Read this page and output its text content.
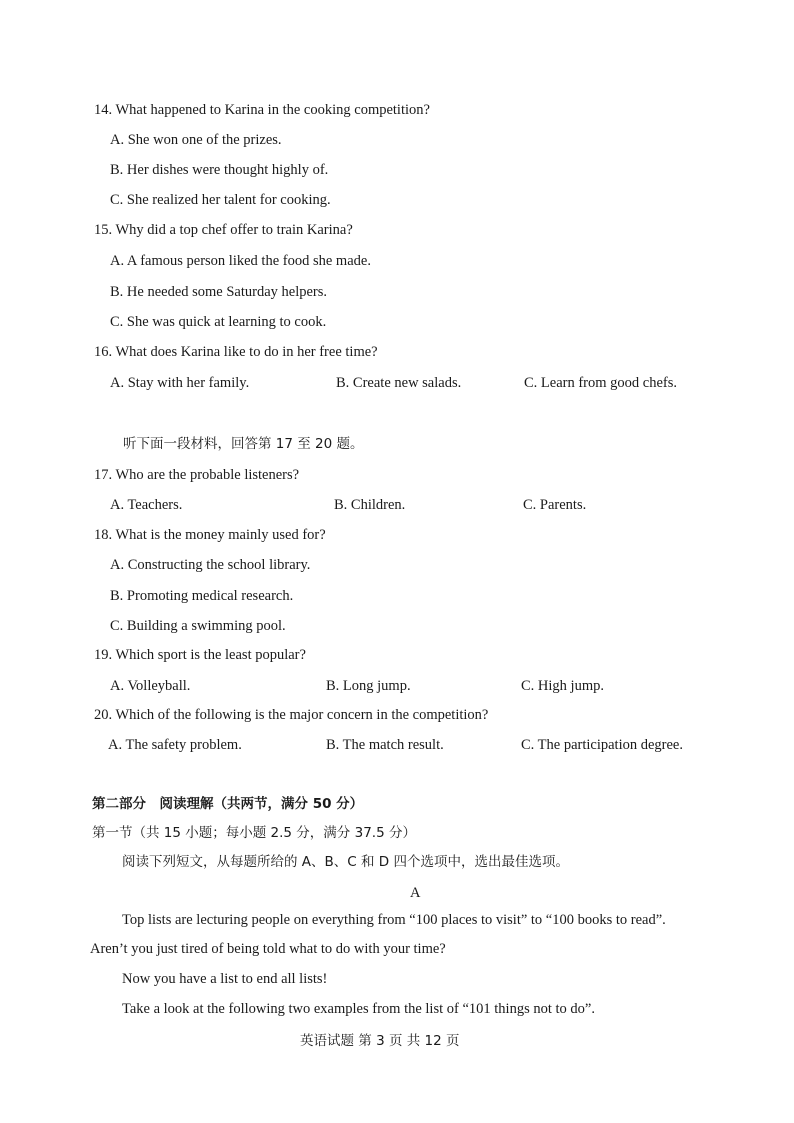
14. What happened to Karina in the cooking competition?
A. She won one of the prizes.
B. Her dishes were thought highly of.
C. She realized her talent for cooking.
15. Why did a top chef offer to train Karina?
A. A famous person liked the food she made.
B. He needed some Saturday helpers.
C. She was quick at learning to cook.
16. What does Karina like to do in her free time?
A. Stay with her family.	B. Create new salads.	C. Learn from good chefs.
听下面一段材料，回答第 17 至 20 题。
17. Who are the probable listeners?
A. Teachers.	B. Children.	C. Parents.
18. What is the money mainly used for?
A. Constructing the school library.
B. Promoting medical research.
C. Building a swimming pool.
19. Which sport is the least popular?
A. Volleyball.	B. Long jump.	C. High jump.
20. Which of the following is the major concern in the competition?
A. The safety problem.	B. The match result.	C. The participation degree.
第二部分　阅读理解（共两节，满分 50 分）
第一节（共 15 小题；每小题 2.5 分，满分 37.5 分）
阅读下列短文，从每题所给的 A、B、C 和 D 四个选项中，选出最佳选项。
A
Top lists are lecturing people on everything from “100 places to visit” to “100 books to read”.
Aren’t you just tired of being told what to do with your time?
Now you have a list to end all lists!
Take a look at the following two examples from the list of “101 things not to do”.
英语试题 第 3 页 共 12 页
